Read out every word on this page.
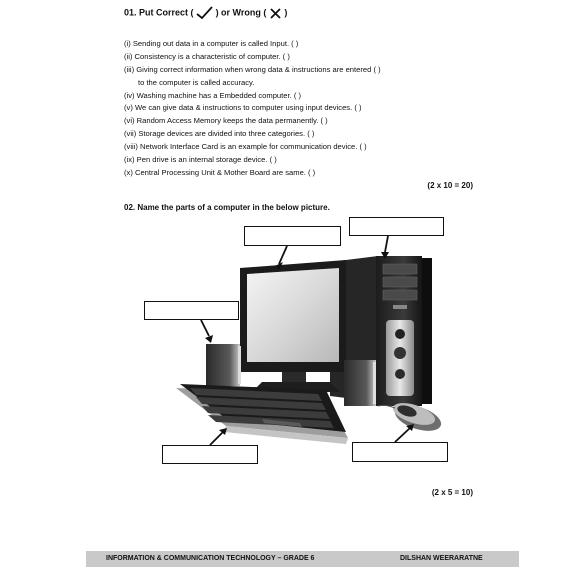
01. Put Correct ( ) or Wrong ( )
(i) Sending out data in a computer is called Input. ( )
(ii) Consistency is a characteristic of computer. ( )
(iii) Giving correct information when wrong data & instructions are entered ( )
to the computer is called accuracy.
(iv) Washing machine has a Embedded computer. ( )
(v) We can give data & instructions to computer using input devices. ( )
(vi) Random Access Memory keeps the data permanently. ( )
(vii) Storage devices are divided into three categories. ( )
(viii) Network Interface Card is an example for communication device. ( )
(ix) Pen drive is an internal storage device. ( )
(x) Central Processing Unit & Mother Board are same. ( )
(2 x 10 = 20)
02. Name the parts of a computer in the below picture.
(2 x 5 = 10)
INFORMATION & COMMUNICATION TECHNOLOGY – GRADE 6	DILSHAN WEERARATNE
